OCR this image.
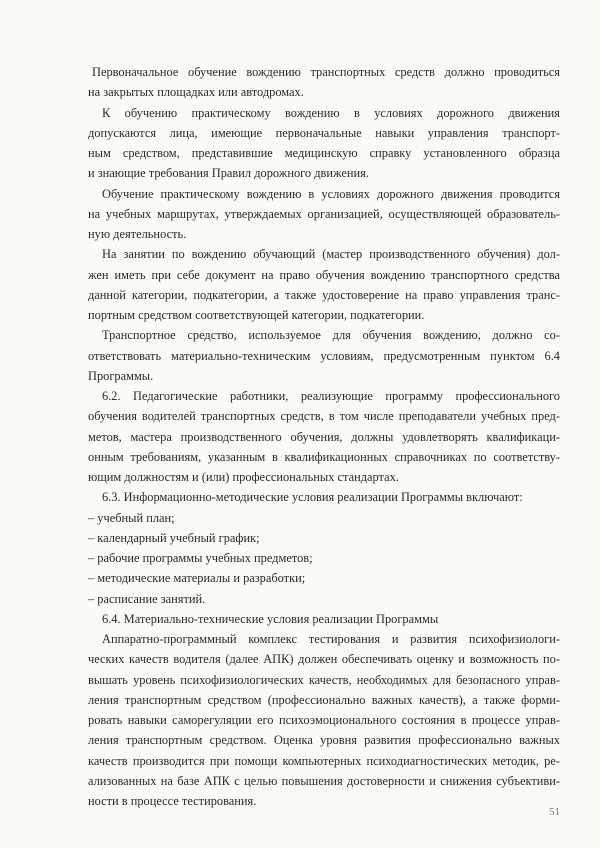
Первоначальное обучение вождению транспортных средств должно проводиться
на закрытых площадках или автодромах.
К обучению практическому вождению в условиях дорожного движения
допускаются лица, имеющие первоначальные навыки управления транспорт-
ным средством, представившие медицинскую справку установленного образца
и знающие требования Правил дорожного движения.
Обучение практическому вождению в условиях дорожного движения проводится
на учебных маршрутах, утверждаемых организацией, осуществляющей образователь-
ную деятельность.
На занятии по вождению обучающий (мастер производственного обучения) дол-
жен иметь при себе документ на право обучения вождению транспортного средства
данной категории, подкатегории, а также удостоверение на право управления транс-
портным средством соответствующей категории, подкатегории.
Транспортное средство, используемое для обучения вождению, должно со-
ответствовать материально-техническим условиям, предусмотренным пунктом 6.4
Программы.
6.2. Педагогические работники, реализующие программу профессионального
обучения водителей транспортных средств, в том числе преподаватели учебных пред-
метов, мастера производственного обучения, должны удовлетворять квалификаци-
онным требованиям, указанным в квалификационных справочниках по соответству-
ющим должностям и (или) профессиональных стандартах.
6.3. Информационно-методические условия реализации Программы включают:
– учебный план;
– календарный учебный график;
– рабочие программы учебных предметов;
– методические материалы и разработки;
– расписание занятий.
6.4. Материально-технические условия реализации Программы
Аппаратно-программный комплекс тестирования и развития психофизиологи-
ческих качеств водителя (далее АПК) должен обеспечивать оценку и возможность по-
вышать уровень психофизиологических качеств, необходимых для безопасного управ-
ления транспортным средством (профессионально важных качеств), а также форми-
ровать навыки саморегуляции его психоэмоционального состояния в процессе управ-
ления транспортным средством. Оценка уровня развития профессионально важных
качеств производится при помощи компьютерных психодиагностических методик, ре-
ализованных на базе АПК с целью повышения достоверности и снижения субъективи-
ности в процессе тестирования.
51
